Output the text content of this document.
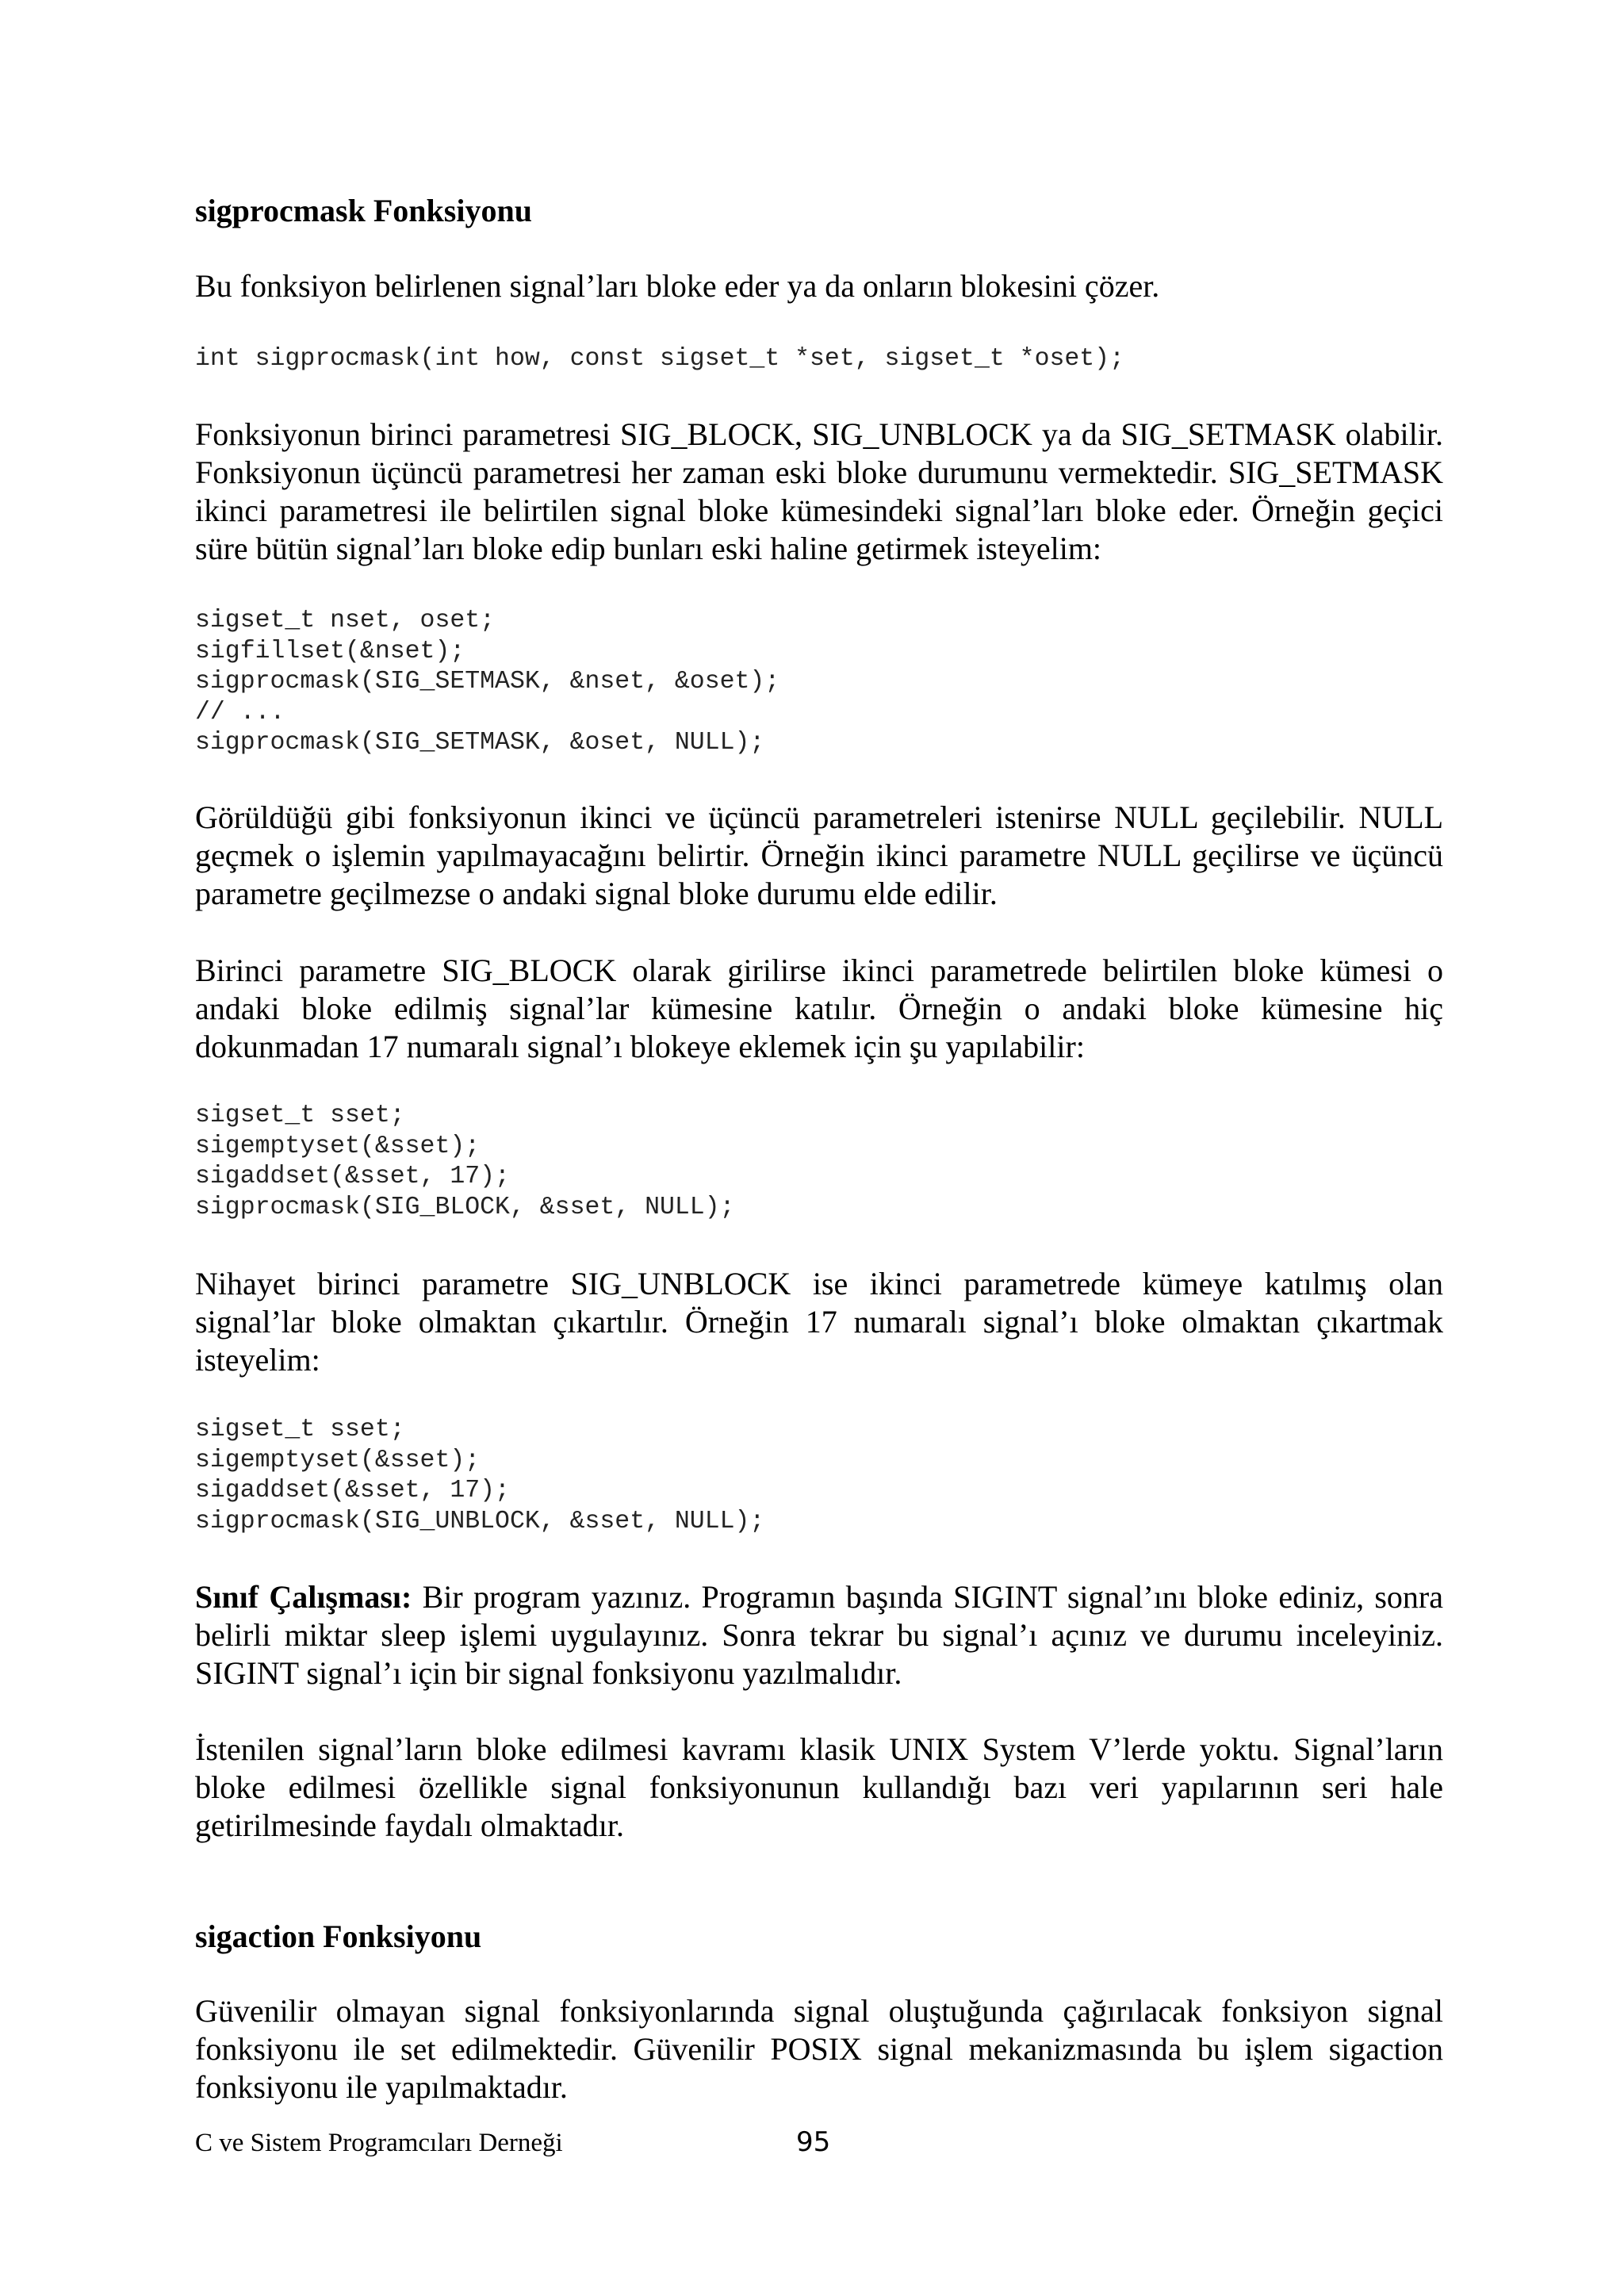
sigprocmask Fonksiyonu

Bu fonksiyon belirlenen signal’ları bloke eder ya da onların blokesini çözer.

int sigprocmask(int how, const sigset_t *set, sigset_t *oset);

Fonksiyonun birinci parametresi SIG_BLOCK, SIG_UNBLOCK ya da SIG_SETMASK olabilir. Fonksiyonun üçüncü parametresi her zaman eski bloke durumunu vermektedir. SIG_SETMASK ikinci parametresi ile belirtilen signal bloke kümesindeki signal’ları bloke eder. Örneğin geçici süre bütün signal’ları bloke edip bunları eski haline getirmek isteyelim:

sigset_t nset, oset;
sigfillset(&nset);
sigprocmask(SIG_SETMASK, &nset, &oset);
// ...
sigprocmask(SIG_SETMASK, &oset, NULL);

Görüldüğü gibi fonksiyonun ikinci ve üçüncü parametreleri istenirse NULL geçilebilir. NULL geçmek o işlemin yapılmayacağını belirtir. Örneğin ikinci parametre NULL geçilirse ve üçüncü parametre geçilmezse o andaki signal bloke durumu elde edilir.

Birinci parametre SIG_BLOCK olarak girilirse ikinci parametrede belirtilen bloke kümesi o andaki bloke edilmiş signal’lar kümesine katılır. Örneğin o andaki bloke kümesine hiç dokunmadan 17 numaralı signal’ı blokeye eklemek için şu yapılabilir:

sigset_t sset;
sigemptyset(&sset);
sigaddset(&sset, 17);
sigprocmask(SIG_BLOCK, &sset, NULL);

Nihayet birinci parametre SIG_UNBLOCK ise ikinci parametrede kümeye katılmış olan signal’lar bloke olmaktan çıkartılır. Örneğin 17 numaralı signal’ı bloke olmaktan çıkartmak isteyelim:

sigset_t sset;
sigemptyset(&sset);
sigaddset(&sset, 17);
sigprocmask(SIG_UNBLOCK, &sset, NULL);

Sınıf Çalışması: Bir program yazınız. Programın başında SIGINT signal’ını bloke ediniz, sonra belirli miktar sleep işlemi uygulayınız. Sonra tekrar bu signal’ı açınız ve durumu inceleyiniz. SIGINT signal’ı için bir signal fonksiyonu yazılmalıdır.

İstenilen signal’ların bloke edilmesi kavramı klasik UNIX System V’lerde yoktu. Signal’ların bloke edilmesi özellikle signal fonksiyonunun kullandığı bazı veri yapılarının seri hale getirilmesinde faydalı olmaktadır.

sigaction Fonksiyonu

Güvenilir olmayan signal fonksiyonlarında signal oluştuğunda çağırılacak fonksiyon signal fonksiyonu ile set edilmektedir. Güvenilir POSIX signal mekanizmasında bu işlem sigaction fonksiyonu ile yapılmaktadır.

C ve Sistem Programcıları Derneği	95
